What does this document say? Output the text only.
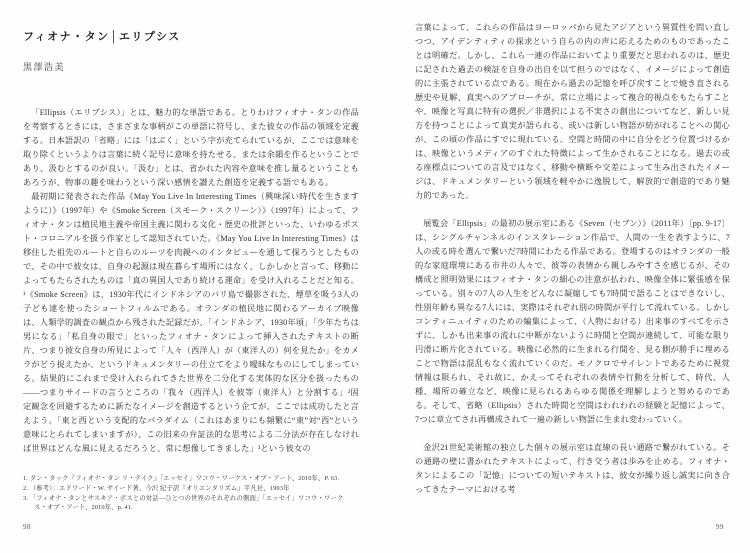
フィオナ・タン│エリプシス
黒澤浩美

「Ellipsis（エリプシス）」とは、魅力的な単語である。とりわけフィオナ・タンの作品を考察するときには、さまざまな事柄がこの単語に符号し、また彼女の作品の領域を定義する。日本語訳の「省略」には「はぶく」という字が充てられているが、ここでは意味を取り除くというよりは言葉に続く記号に意味を持たせる、または余韻を作るということであり、汲むとするのが良い。「汲む」とは、省かれた内容や意味を推し量るということもあろうが、物事の趣を味わうという深い感情を讃えた創造を定義する語でもある。

最初期に発表された作品《May You Live In Interesting Times（興味深い時代を生きますように）》（1997年）や《Smoke Screen（スモーク・スクリーン）》（1997年）によって、フィオナ・タンは植民地主義や帝国主義に関わる文化・歴史の批評といった、いわゆるポスト・コロニアルを扱う作家として認知されていた。《May You Live In Interesting Times》は移住した祖先のルートと自らのルーツを肉親へのインタビューを通して探ろうとしたもので、その中で彼女は、自身の起源は現在暮らす場所にはなく、しかしかと言って、移動によってもたらされたものは「真の異国人であり続ける運命」を受け入れることだと知る。¹《Smoke Screen》は、1930年代にインドネシアのバリ島で撮影された、煙草を吸う3人の子ども達を使ったショートフィルムである。オランダの植民地に関わるアーカイブ映像は、人類学的調査の観点から残された記録だが、「インドネシア、1930年頃」「少年たちは男になる」「私自身の眼で」といったフィオナ・タンによって挿入されたテキストの断片、つまり彼女自身の所見によって「人々（西洋人）が（東洋人の）何を見たか」をカメラがどう捉えたか、というドキュメンタリーの仕立てをより曖昧なものにしてしまっている。結果的にこれまで受け入れられてきた世界を二分化する実体的な区分を扱ったもの——つまりサイードの言うところの「我々（西洋人）を彼等（東洋人）と分割する」²固定観念を回避するために新たなイメージを創造するという企てが、ここでは成功したと言えよう。「東と西という支配的なパラダイム（これはあまりにも頻繁に“東”対“西”という意味にとられてしまいますが）、この旧来の弁証法的な思考による二分法が存在しなければ世界はどんな風に見えるだろうと、常に想像してきました」³という彼女の

1. タン・タック『フィオナ・タン リ・テイク』「エッセイ」ワコウ・ワークス・オブ・アート、2010年、P. 63.

2. （参考）：エドワード・W. サイード著、今沢 紀子訳『オリエンタリズム』平凡社、1993年

3. 「フィオナ・タンとサスキア・ボスとの対話—ひとつの世界のそれぞれの側面」「エッセイ」ワコウ・ワークス・オブ・アート、2010年、p. 41.

98

言葉によって、これらの作品はヨーロッパから見たアジアという異質性を問い直しつつ、アイデンティティの探求という自らの内の声に応えるためのものであったことは明確だ。しかし、これら一連の作品においてより重要だと思われるのは、歴史に記された過去の検証を自身の出自を以て担うのではなく、イメージによって創造的に主張されている点である。現在から過去の記憶を呼び戻すことで焼き直される歴史や見解、真実へのアプローチが、常に立場によって複合的視点をもたらすことや、映像と写真に特有の選択／非選択による不実さの創出についてなど、新しい見方を持つことによって真実が語られる、或いは新しい物語が紡がれることへの関心が、この頃の作品にすでに現れている。空間と時間の中に自分をどう位置づけるかは、映像というメディアのすぐれた特徴によって生かされることになる。過去の或る座標点についての言及ではなく、移動や横断や交差によって生み出されたイメージは、ドキュメンタリーという領域を軽やかに逸脱して、解放的で創造的であり魅力的であった。

展覧会「Ellipsis」の最初の展示室にある《Seven（セブン）》（2011年）〔pp. 9-17〕は、シングルチャンネルのインスタレーション作品で、人間の一生を表すように、7人の或る時を選んで繋いだ7時間にわたる作品である。登場するのはオランダの一般的な家庭環境にある市井の人々で、彼等の表情から親しみやすさを感じるが、その構成と照明効果にはフィオナ・タンの細心の注意が払われ、映像全体に緊張感を保っている。別々の7人の人生をどんなに凝縮しても7時間で語ることはできないし、性別年齢も異なる7人には、実際はそれぞれ別の時間が平行して流れている。しかしコンティニュイティのための編集によって、（人物における）出来事のすべてを示さずに、しかも出来事の流れに中断がないように時間と空間が連続して、可能な限り円滑に断片化されている。映像に必然的に生まれる行間を、見る側が勝手に埋めることで物語は混乱もなく流れていくのだ。モノクロでサイレントであるために視覚情報は限られ、それ故に、かえってそれぞれの表情や行動を分析して、時代、人種、場所の確立など、映像に見られるあらゆる関係を理解しようと努めるのである。そして、省略（Ellipsis）された時間と空間はわれわれの経験と記憶によって、7つに章立てされ再構成されて一遍の新しい物語に生まれ変わっていく。

金沢21世紀美術館の独立した個々の展示室は直線の長い通路で繋がれている。その通路の壁に書かれたテキストによって、行き交う者は歩みを止める。フィオナ・タンによるこの「記憶」についての短いテキストは、彼女が繰り返し誠実に向き合ってきたテーマにおける考

99
